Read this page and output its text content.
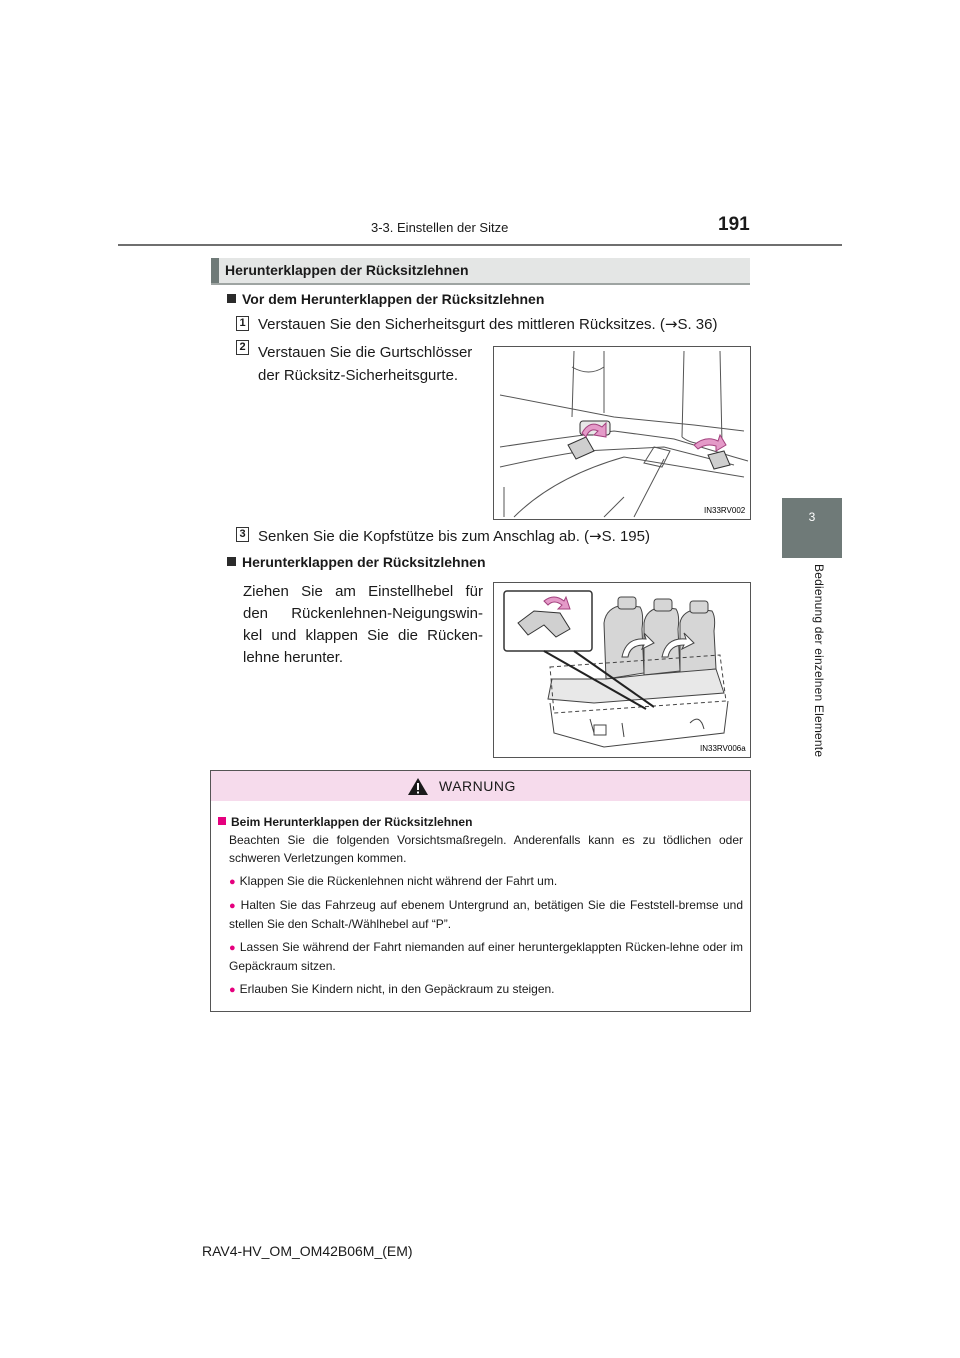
3-3. Einstellen der Sitze	191
3
Bedienung der einzelnen Elemente
Herunterklappen der Rücksitzlehnen
Vor dem Herunterklappen der Rücksitzlehnen
1 Verstauen Sie den Sicherheitsgurt des mittleren Rücksitzes. (→S. 36)
2 Verstauen Sie die Gurtschlösser
der Rücksitz-Sicherheitsgurte.
IN33RV002
3 Senken Sie die Kopfstütze bis zum Anschlag ab. (→S. 195)
Herunterklappen der Rücksitzlehnen
Ziehen Sie am Einstellhebel für
den Rückenlehnen-Neigungswin-
kel und klappen Sie die Rücken-
lehne herunter.
IN33RV006a
WARNUNG
Beim Herunterklappen der Rücksitzlehnen
Beachten Sie die folgenden Vorsichtsmaßregeln. Anderenfalls kann es zu tödlichen oder schweren Verletzungen kommen.
● Klappen Sie die Rückenlehnen nicht während der Fahrt um.
● Halten Sie das Fahrzeug auf ebenem Untergrund an, betätigen Sie die Feststell-bremse und stellen Sie den Schalt-/Wählhebel auf “P”.
● Lassen Sie während der Fahrt niemanden auf einer heruntergeklappten Rücken-lehne oder im Gepäckraum sitzen.
● Erlauben Sie Kindern nicht, in den Gepäckraum zu steigen.
RAV4-HV_OM_OM42B06M_(EM)
